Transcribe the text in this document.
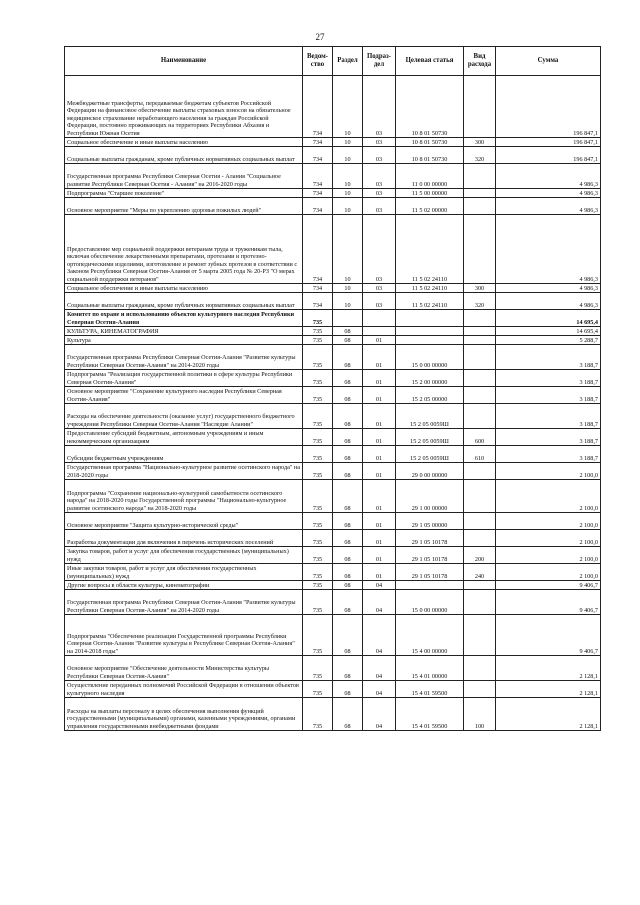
27
Наименование	Ведом-ство	Раздел	Подраз-дел	Целевая статья	Вид расхода	Сумма
Межбюджетные трансферты, передаваемые бюджетам субъектов Российской Федерации на финансовое обеспечение выплаты страховых взносов на обязательное медицинское страхование неработающего населения за граждан Российской Федерации, постоянно проживающих на территориях Республики Абхазия и Республики Южная Осетия	734	10	03	10 8 01 50730		196 847,1
Социальное обеспечение и иные выплаты населению	734	10	03	10 8 01 50730	300	196 847,1
Социальные выплаты гражданам, кроме публичных нормативных социальных выплат	734	10	03	10 8 01 50730	320	196 847,1
Государственная программа Республики Северная Осетия - Алания "Социальное развитие Республики Северная Осетия - Алания" на 2016-2020 годы	734	10	03	11 0 00 00000		4 986,3
Подпрограмма "Старшее поколение"	734	10	03	11 5 00 00000		4 986,3
Основное мероприятие "Меры по укреплению здоровья пожилых людей"	734	10	03	11 5 02 00000		4 986,3
Предоставление мер социальной поддержки ветеранам труда и труженикам тыла, включая обеспечение лекарственными препаратами, протезами и протезно-ортопедическими изделиями, изготовление и ремонт зубных протезов в соответствии с Законом Республики Северная Осетия-Алания от 5 марта 2005 года № 20-РЗ "О мерах социальной поддержки ветеранов"	734	10	03	11 5 02 24110		4 986,3
Социальное обеспечение и иные выплаты населению	734	10	03	11 5 02 24110	300	4 986,3
Социальные выплаты гражданам, кроме публичных нормативных социальных выплат	734	10	03	11 5 02 24110	320	4 986,3
Комитет по охране и использованию объектов культурного наследия Республики Северная Осетия-Алания	735					14 695,4
КУЛЬТУРА, КИНЕМАТОГРАФИЯ	735	08				14 695,4
Культура	735	08	01			5 288,7
Государственная программа Республики Северная Осетия-Алания "Развитие культуры Республики Северная Осетия-Алания" на 2014-2020 годы	735	08	01	15 0 00 00000		3 188,7
Подпрограмма "Реализация государственной политики в сфере культуры Республики Северная Осетия-Алания"	735	08	01	15 2 00 00000		3 188,7
Основное мероприятие "Сохранение культурного наследия Республики Северная Осетия-Алания"	735	08	01	15 2 05 00000		3 188,7
Расходы на обеспечение деятельности (оказание услуг) государственного бюджетного учреждения Республики Северная Осетия-Алания "Наследие Алании"	735	08	01	15 2 05 0059Ш		3 188,7
Предоставление субсидий бюджетным, автономным учреждениям и иным некоммерческим организациям	735	08	01	15 2 05 0059Ш	600	3 188,7
Субсидии бюджетным учреждениям	735	08	01	15 2 05 0059Ш	610	3 188,7
Государственная программа "Национально-культурное развитие осетинского народа" на 2018-2020 годы	735	08	01	29 0 00 00000		2 100,0
Подпрограмма "Сохранение национально-культурной самобытности осетинского народа" на 2018-2020 годы Государственной программы "Национально-культурное развитие осетинского народа" на 2018-2020 годы	735	08	01	29 1 00 00000		2 100,0
Основное мероприятие "Защита культурно-исторической среды"	735	08	01	29 1 05 00000		2 100,0
Разработка документации для включения в перечень исторических поселений	735	08	01	29 1 05 10178		2 100,0
Закупка товаров, работ и услуг для обеспечения государственных (муниципальных) нужд	735	08	01	29 1 05 10178	200	2 100,0
Иные закупки товаров, работ и услуг для обеспечения государственных (муниципальных) нужд	735	08	01	29 1 05 10178	240	2 100,0
Другие вопросы в области культуры, кинематографии	735	08	04			9 406,7
Государственная программа Республики Северная Осетия-Алания "Развитие культуры Республики Северная Осетия-Алания" на 2014-2020 годы	735	08	04	15 0 00 00000		9 406,7
Подпрограмма "Обеспечение реализации Государственной программы Республики Северная Осетия-Алания "Развитие культуры в Республике Северная Осетия-Алания" на 2014-2018 годы"	735	08	04	15 4 00 00000		9 406,7
Основное мероприятие "Обеспечение деятельности Министерства культуры Республики Северная Осетия-Алания"	735	08	04	15 4 01 00000		2 128,1
Осуществление переданных полномочий Российской Федерации в отношении объектов культурного наследия	735	08	04	15 4 01 59500		2 128,1
Расходы на выплаты персоналу в целях обеспечения выполнения функций государственными (муниципальными) органами, казенными учреждениями, органами управления государственными внебюджетными фондами	735	08	04	15 4 01 59500	100	2 128,1
